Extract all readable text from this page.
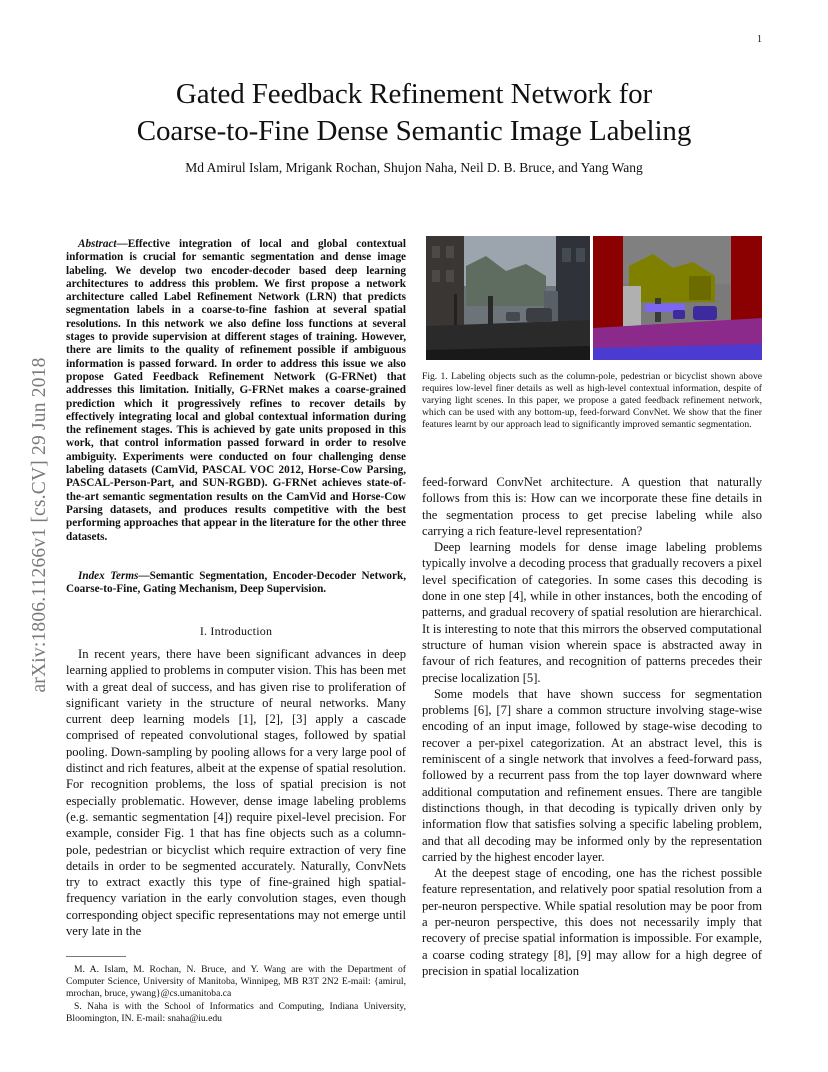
1
Gated Feedback Refinement Network for
Coarse-to-Fine Dense Semantic Image Labeling
Md Amirul Islam, Mrigank Rochan, Shujon Naha, Neil D. B. Bruce, and Yang Wang
arXiv:1806.11266v1 [cs.CV] 29 Jun 2018

Abstract—Effective integration of local and global contextual information is crucial for semantic segmentation and dense image labeling. We develop two encoder-decoder based deep learning architectures to address this problem. We first propose a network architecture called Label Refinement Network (LRN) that predicts segmentation labels in a coarse-to-fine fashion at several spatial resolutions. In this network we also define loss functions at several stages to provide supervision at different stages of training. However, there are limits to the quality of refinement possible if ambiguous information is passed forward. In order to address this issue we also propose Gated Feedback Refinement Network (G-FRNet) that addresses this limitation. Initially, G-FRNet makes a coarse-grained prediction which it progressively refines to recover details by effectively integrating local and global contextual information during the refinement stages. This is achieved by gate units proposed in this work, that control information passed forward in order to resolve ambiguity. Experiments were conducted on four challenging dense labeling datasets (CamVid, PASCAL VOC 2012, Horse-Cow Parsing, PASCAL-Person-Part, and SUN-RGBD). G-FRNet achieves state-of-the-art semantic segmentation results on the CamVid and Horse-Cow Parsing datasets, and produces results competitive with the best performing approaches that appear in the literature for the other three datasets.

Index Terms—Semantic Segmentation, Encoder-Decoder Network, Coarse-to-Fine, Gating Mechanism, Deep Supervision.

I. Introduction

In recent years, there have been significant advances in deep learning applied to problems in computer vision. This has been met with a great deal of success, and has given rise to proliferation of significant variety in the structure of neural networks. Many current deep learning models [1], [2], [3] apply a cascade comprised of repeated convolutional stages, followed by spatial pooling. Down-sampling by pooling allows for a very large pool of distinct and rich features, albeit at the expense of spatial resolution. For recognition problems, the loss of spatial precision is not especially problematic. However, dense image labeling problems (e.g. semantic segmentation [4]) require pixel-level precision. For example, consider Fig. 1 that has fine objects such as a column-pole, pedestrian or bicyclist which require extraction of very fine details in order to be segmented accurately. Naturally, ConvNets try to extract exactly this type of fine-grained high spatial-frequency variation in the early convolution stages, even though corresponding object specific representations may not emerge until very late in the

M. A. Islam, M. Rochan, N. Bruce, and Y. Wang are with the Department of Computer Science, University of Manitoba, Winnipeg, MB R3T 2N2 E-mail: {amirul, mrochan, bruce, ywang}@cs.umanitoba.ca

S. Naha is with the School of Informatics and Computing, Indiana University, Bloomington, IN. E-mail: snaha@iu.edu

Fig. 1. Labeling objects such as the column-pole, pedestrian or bicyclist shown above requires low-level finer details as well as high-level contextual information, despite of varying light scenes. In this paper, we propose a gated feedback refinement network, which can be used with any bottom-up, feed-forward ConvNet. We show that the finer features learnt by our approach lead to significantly improved semantic segmentation.

feed-forward ConvNet architecture. A question that naturally follows from this is: How can we incorporate these fine details in the segmentation process to get precise labeling while also carrying a rich feature-level representation?

Deep learning models for dense image labeling problems typically involve a decoding process that gradually recovers a pixel level specification of categories. In some cases this decoding is done in one step [4], while in other instances, both the encoding of patterns, and gradual recovery of spatial resolution are hierarchical. It is interesting to note that this mirrors the observed computational structure of human vision wherein space is abstracted away in favour of rich features, and recognition of patterns precedes their precise localization [5].

Some models that have shown success for segmentation problems [6], [7] share a common structure involving stage-wise encoding of an input image, followed by stage-wise decoding to recover a per-pixel categorization. At an abstract level, this is reminiscent of a single network that involves a feed-forward pass, followed by a recurrent pass from the top layer downward where additional computation and refinement ensues. There are tangible distinctions though, in that decoding is typically driven only by information flow that satisfies solving a specific labeling problem, and that all decoding may be informed only by the representation carried by the highest encoder layer.

At the deepest stage of encoding, one has the richest possible feature representation, and relatively poor spatial resolution from a per-neuron perspective. While spatial resolution may be poor from a per-neuron perspective, this does not necessarily imply that recovery of precise spatial information is impossible. For example, a coarse coding strategy [8], [9] may allow for a high degree of precision in spatial localization
